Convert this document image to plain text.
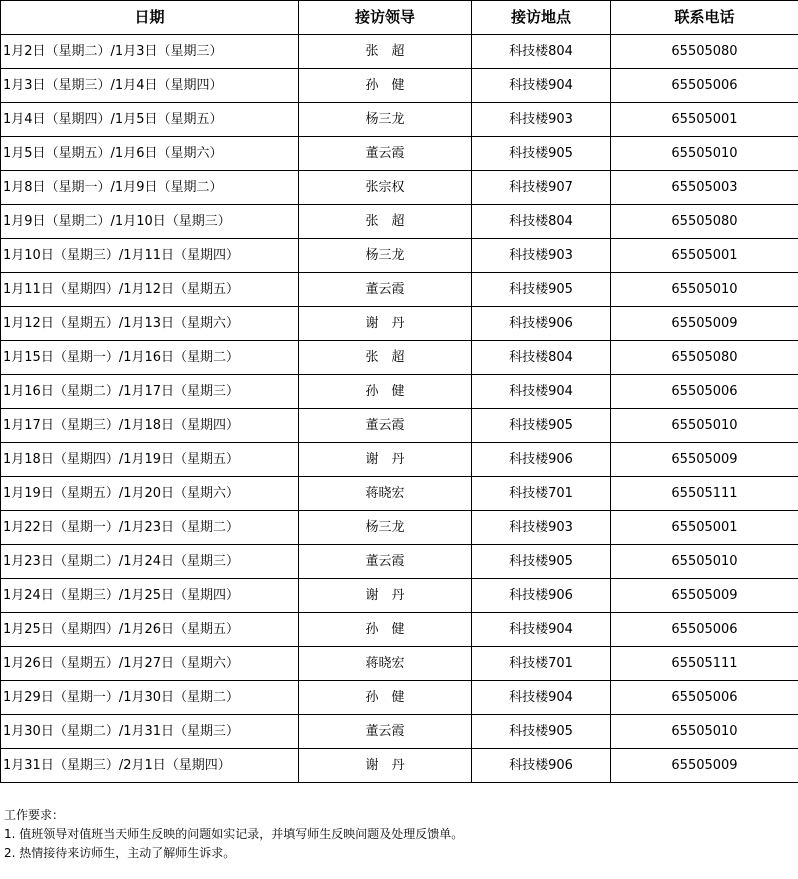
日期	接访领导	接访地点	联系电话
1月2日（星期二）/1月3日（星期三）	张　超	科技楼804	65505080
1月3日（星期三）/1月4日（星期四）	孙　健	科技楼904	65505006
1月4日（星期四）/1月5日（星期五）	杨三龙	科技楼903	65505001
1月5日（星期五）/1月6日（星期六）	董云霞	科技楼905	65505010
1月8日（星期一）/1月9日（星期二）	张宗权	科技楼907	65505003
1月9日（星期二）/1月10日（星期三）	张　超	科技楼804	65505080
1月10日（星期三）/1月11日（星期四）	杨三龙	科技楼903	65505001
1月11日（星期四）/1月12日（星期五）	董云霞	科技楼905	65505010
1月12日（星期五）/1月13日（星期六）	谢　丹	科技楼906	65505009
1月15日（星期一）/1月16日（星期二）	张　超	科技楼804	65505080
1月16日（星期二）/1月17日（星期三）	孙　健	科技楼904	65505006
1月17日（星期三）/1月18日（星期四）	董云霞	科技楼905	65505010
1月18日（星期四）/1月19日（星期五）	谢　丹	科技楼906	65505009
1月19日（星期五）/1月20日（星期六）	蒋晓宏	科技楼701	65505111
1月22日（星期一）/1月23日（星期二）	杨三龙	科技楼903	65505001
1月23日（星期二）/1月24日（星期三）	董云霞	科技楼905	65505010
1月24日（星期三）/1月25日（星期四）	谢　丹	科技楼906	65505009
1月25日（星期四）/1月26日（星期五）	孙　健	科技楼904	65505006
1月26日（星期五）/1月27日（星期六）	蒋晓宏	科技楼701	65505111
1月29日（星期一）/1月30日（星期二）	孙　健	科技楼904	65505006
1月30日（星期二）/1月31日（星期三）	董云霞	科技楼905	65505010
1月31日（星期三）/2月1日（星期四）	谢　丹	科技楼906	65505009
工作要求：
1. 值班领导对值班当天师生反映的问题如实记录，并填写师生反映问题及处理反馈单。
2. 热情接待来访师生，主动了解师生诉求。
